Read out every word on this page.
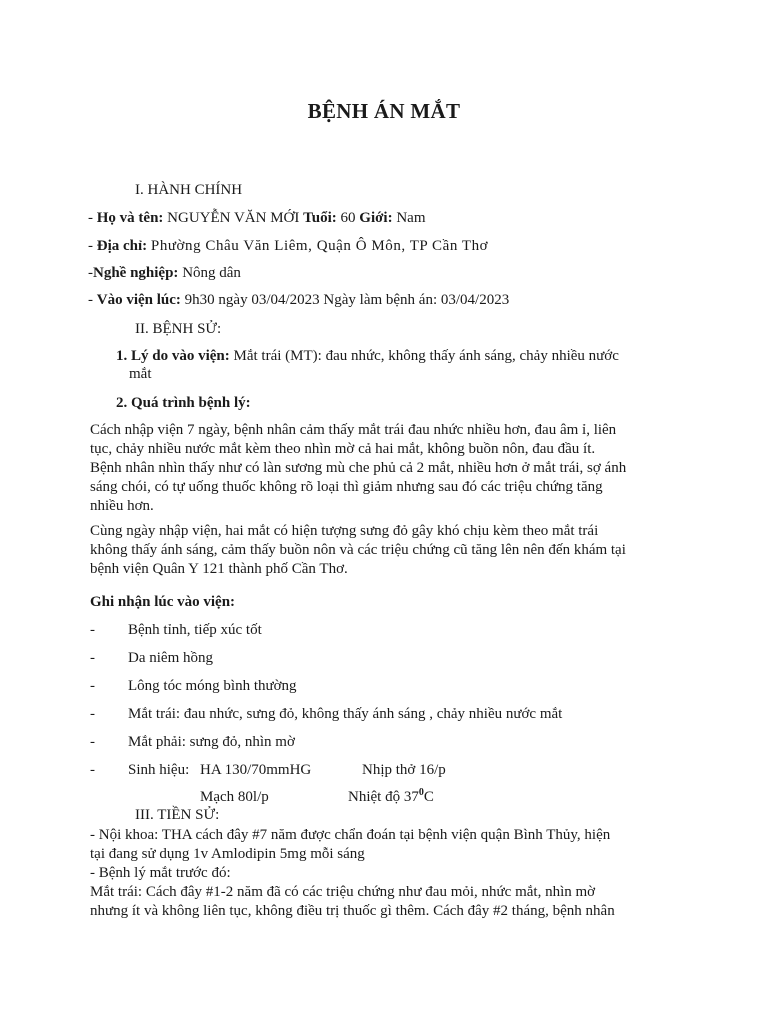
BỆNH ÁN MẮT
I. HÀNH CHÍNH
- Họ và tên: NGUYỄN VĂN MỚI Tuổi: 60 Giới: Nam
- Địa chỉ: Phường Châu Văn Liêm, Quận Ô Môn, TP Cần Thơ
-Nghề nghiệp: Nông dân
- Vào viện lúc: 9h30 ngày 03/04/2023 Ngày làm bệnh án: 03/04/2023
II. BỆNH SỬ:
1. Lý do vào viện: Mắt trái (MT): đau nhức, không thấy ánh sáng, chảy nhiều nước
mắt
2. Quá trình bệnh lý:
Cách nhập viện 7 ngày, bệnh nhân cảm thấy mắt trái đau nhức nhiều hơn, đau âm ỉ, liên
tục, chảy nhiều nước mắt kèm theo nhìn mờ cả hai mắt, không buồn nôn, đau đầu ít.
Bệnh nhân nhìn thấy như có làn sương mù che phủ cả 2 mắt, nhiều hơn ở mắt trái, sợ ánh
sáng chói, có tự uống thuốc không rõ loại thì giảm nhưng sau đó các triệu chứng tăng
nhiều hơn.
Cùng ngày nhập viện, hai mắt có hiện tượng sưng đỏ gây khó chịu kèm theo mắt trái
không thấy ánh sáng, cảm thấy buồn nôn và các triệu chứng cũ tăng lên nên đến khám tại
bệnh viện Quân Y 121 thành phố Cần Thơ.
Ghi nhận lúc vào viện:
- Bệnh tỉnh, tiếp xúc tốt
- Da niêm hồng
- Lông tóc móng bình thường
- Mắt trái: đau nhức, sưng đỏ, không thấy ánh sáng , chảy nhiều nước mắt
- Mắt phải: sưng đỏ, nhìn mờ
- Sinh hiệu: HA 130/70mmHG	Nhịp thở 16/p
Mạch 80l/p	Nhiệt độ $37^0C$
III. TIỀN SỬ:
- Nội khoa: THA cách đây #7 năm được chẩn đoán tại bệnh viện quận Bình Thủy, hiện
tại đang sử dụng 1v Amlodipin 5mg mỗi sáng
- Bệnh lý mắt trước đó:
Mắt trái: Cách đây #1-2 năm đã có các triệu chứng như đau mỏi, nhức mắt, nhìn mờ
nhưng ít và không liên tục, không điều trị thuốc gì thêm. Cách đây #2 tháng, bệnh nhân
